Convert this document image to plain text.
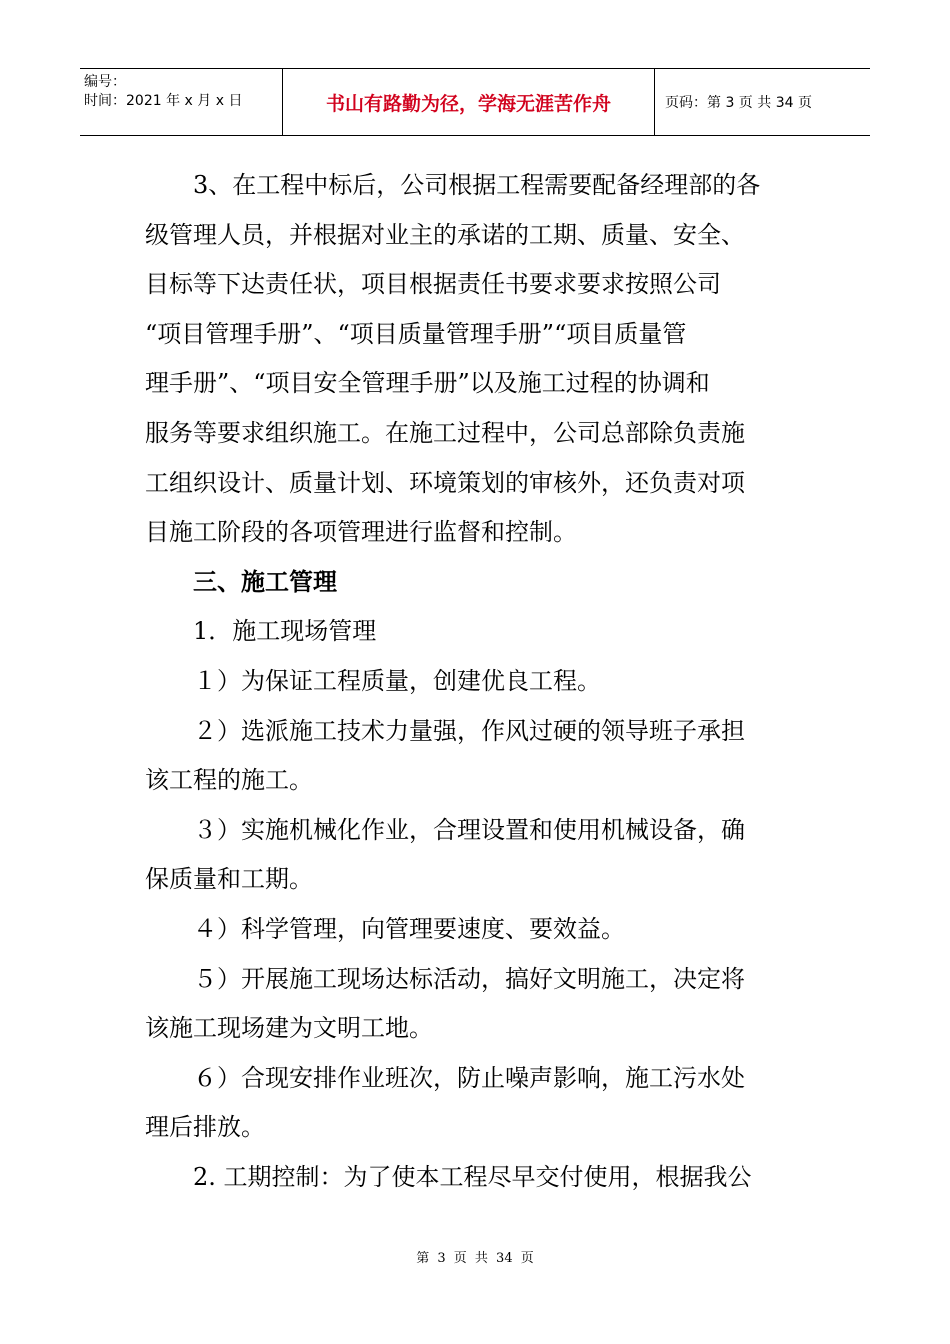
编号：
时间：2021 年 x 月 x 日	书山有路勤为径，学海无涯苦作舟	页码：第 3 页 共 34 页
3、在工程中标后，公司根据工程需要配备经理部的各
级管理人员，并根据对业主的承诺的工期、质量、安全、
目标等下达责任状，项目根据责任书要求要求按照公司
“项目管理手册”、“项目质量管理手册”“项目质量管
理手册”、“项目安全管理手册”以及施工过程的协调和
服务等要求组织施工。在施工过程中，公司总部除负责施
工组织设计、质量计划、环境策划的审核外，还负责对项
目施工阶段的各项管理进行监督和控制。
三、施工管理
1．施工现场管理
１）为保证工程质量，创建优良工程。
２）选派施工技术力量强，作风过硬的领导班子承担
该工程的施工。
３）实施机械化作业，合理设置和使用机械设备，确
保质量和工期。
４）科学管理，向管理要速度、要效益。
５）开展施工现场达标活动，搞好文明施工，决定将
该施工现场建为文明工地。
６）合现安排作业班次，防止噪声影响，施工污水处
理后排放。
2. 工期控制：为了使本工程尽早交付使用，根据我公
第 3 页 共 34 页
